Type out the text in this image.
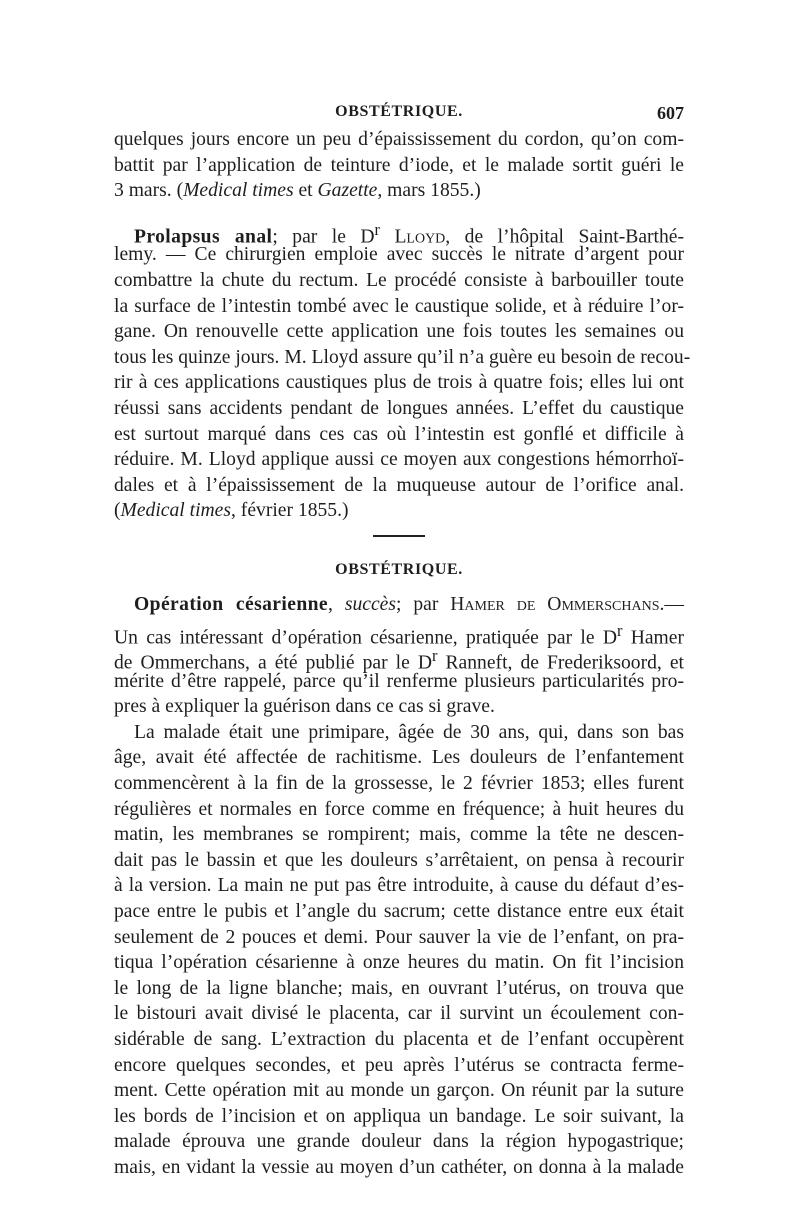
OBSTÉTRIQUE.	607
quelques jours encore un peu d’épaississement du cordon, qu’on com-
battit par l’application de teinture d’iode, et le malade sortit guéri le
3 mars. (Medical times et Gazette, mars 1855.)
Prolapsus anal; par le $D^r$ Lloyd, de l’hôpital Saint-Barthé-
lemy. — Ce chirurgien emploie avec succès le nitrate d’argent pour
combattre la chute du rectum. Le procédé consiste à barbouiller toute
la surface de l’intestin tombé avec le caustique solide, et à réduire l’or-
gane. On renouvelle cette application une fois toutes les semaines ou
tous les quinze jours. M. Lloyd assure qu’il n’a guère eu besoin de recou-
rir à ces applications caustiques plus de trois à quatre fois; elles lui ont
réussi sans accidents pendant de longues années. L’effet du caustique
est surtout marqué dans ces cas où l’intestin est gonflé et difficile à
réduire. M. Lloyd applique aussi ce moyen aux congestions hémorrhoï-
dales et à l’épaississement de la muqueuse autour de l’orifice anal.
(Medical times, février 1855.)
OBSTÉTRIQUE.
Opération césarienne, succès; par Hamer de Ommerschans.—
Un cas intéressant d’opération césarienne, pratiquée par le $D^r$ Hamer
de Ommerchans, a été publié par le $D^r$ Ranneft, de Frederiksoord, et
mérite d’être rappelé, parce qu’il renferme plusieurs particularités pro-
pres à expliquer la guérison dans ce cas si grave.
La malade était une primipare, âgée de 30 ans, qui, dans son bas
âge, avait été affectée de rachitisme. Les douleurs de l’enfantement
commencèrent à la fin de la grossesse, le 2 février 1853; elles furent
régulières et normales en force comme en fréquence; à huit heures du
matin, les membranes se rompirent; mais, comme la tête ne descen-
dait pas le bassin et que les douleurs s’arrêtaient, on pensa à recourir
à la version. La main ne put pas être introduite, à cause du défaut d’es-
pace entre le pubis et l’angle du sacrum; cette distance entre eux était
seulement de 2 pouces et demi. Pour sauver la vie de l’enfant, on pra-
tiqua l’opération césarienne à onze heures du matin. On fit l’incision
le long de la ligne blanche; mais, en ouvrant l’utérus, on trouva que
le bistouri avait divisé le placenta, car il survint un écoulement con-
sidérable de sang. L’extraction du placenta et de l’enfant occupèrent
encore quelques secondes, et peu après l’utérus se contracta ferme-
ment. Cette opération mit au monde un garçon. On réunit par la suture
les bords de l’incision et on appliqua un bandage. Le soir suivant, la
malade éprouva une grande douleur dans la région hypogastrique;
mais, en vidant la vessie au moyen d’un cathéter, on donna à la malade
